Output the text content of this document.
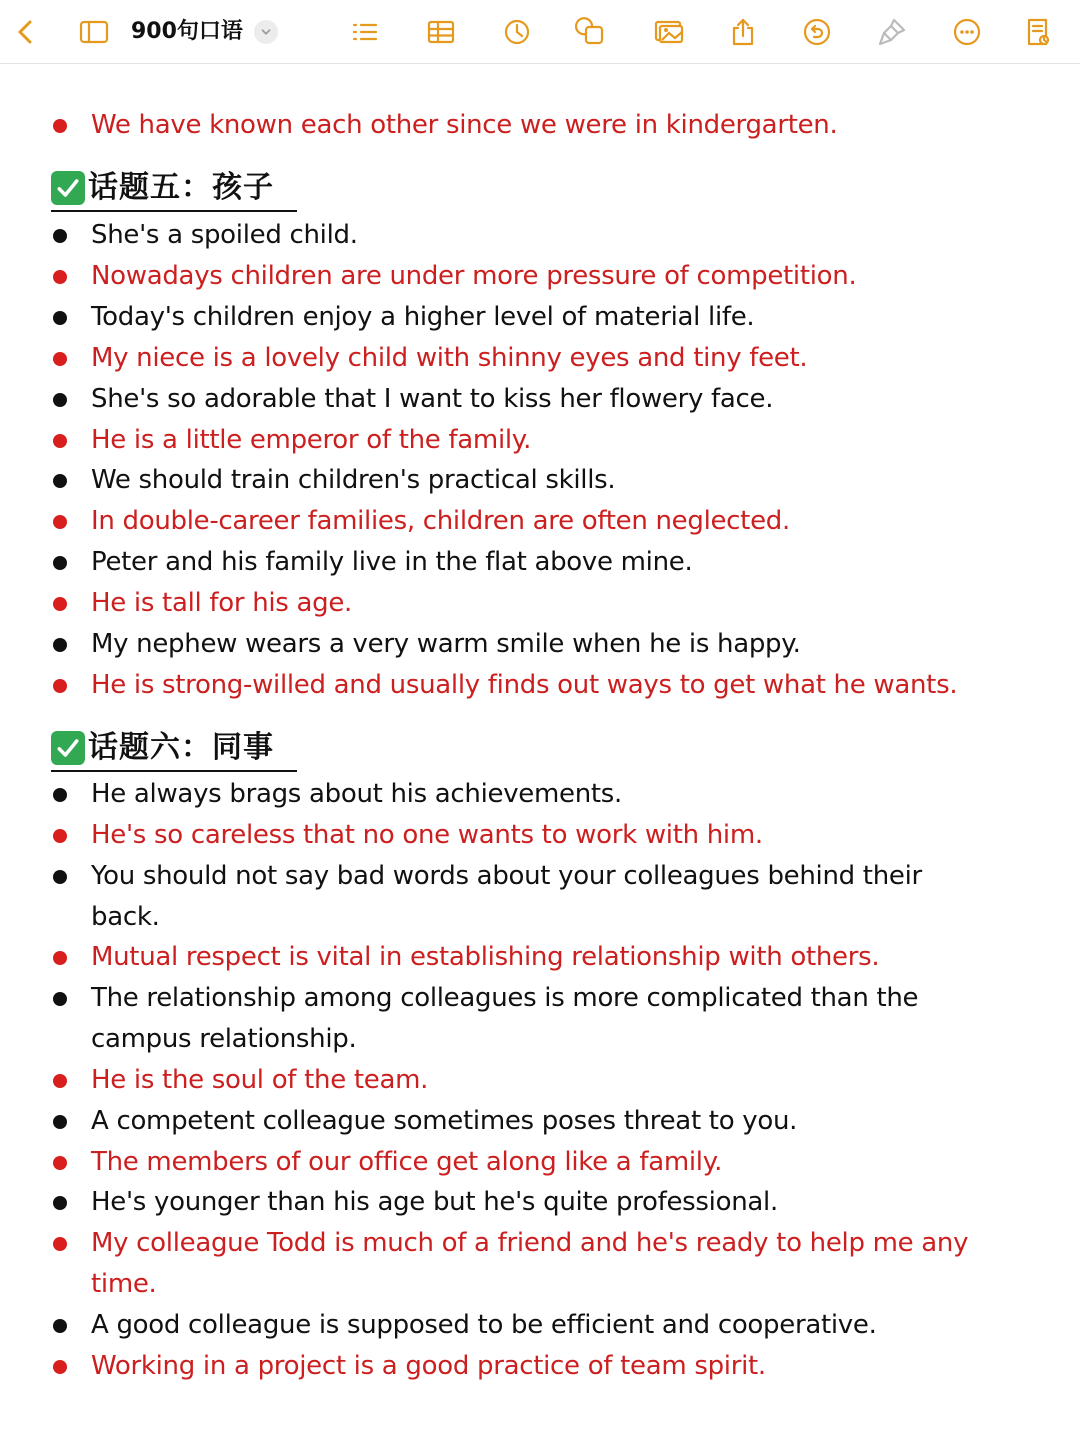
900句口语
We have known each other since we were in kindergarten.
话题五：孩子
She's a spoiled child.
Nowadays children are under more pressure of competition.
Today's children enjoy a higher level of material life.
My niece is a lovely child with shinny eyes and tiny feet.
She's so adorable that I want to kiss her flowery face.
He is a little emperor of the family.
We should train children's practical skills.
In double-career families, children are often neglected.
Peter and his family live in the flat above mine.
He is tall for his age.
My nephew wears a very warm smile when he is happy.
He is strong-willed and usually finds out ways to get what he wants.
话题六：同事
He always brags about his achievements.
He's so careless that no one wants to work with him.
You should not say bad words about your colleagues behind their back.
Mutual respect is vital in establishing relationship with others.
The relationship among colleagues is more complicated than the campus relationship.
He is the soul of the team.
A competent colleague sometimes poses threat to you.
The members of our office get along like a family.
He's younger than his age but he's quite professional.
My colleague Todd is much of a friend and he's ready to help me any time.
A good colleague is supposed to be efficient and cooperative.
Working in a project is a good practice of team spirit.
